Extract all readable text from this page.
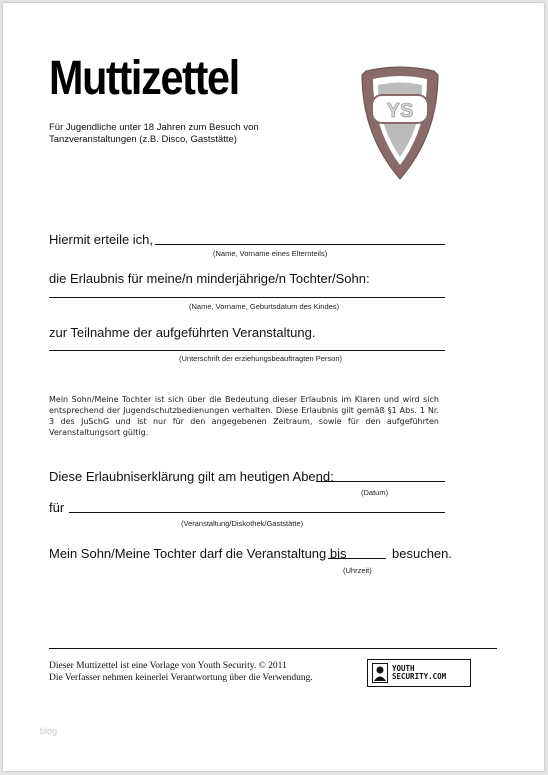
Muttizettel
Für Jugendliche unter 18 Jahren zum Besuch von Tanzveranstaltungen (z.B. Disco, Gaststätte)
YS
Hiermit erteile ich,
(Name, Vorname eines Elternteils)
die Erlaubnis für meine/n minderjährige/n Tochter/Sohn:
(Name, Vorname, Geburtsdatum des Kindes)
zur Teilnahme der aufgeführten Veranstaltung.
(Unterschrift der erziehungsbeauftragten Person)
Mein Sohn/Meine Tochter ist sich über die Bedeutung dieser Erlaubnis im Klaren und wird sich entsprechend der Jugendschutzbedienungen verhalten. Diese Erlaubnis gilt gemäß §1 Abs. 1 Nr. 3 des JuSchG und ist nur für den angegebenen Zeitraum, sowie für den aufgeführten Veranstaltungsort gültig.
Diese Erlaubniserklärung gilt am heutigen Abend:
(Datum)
für
(Veranstaltung/Diskothek/Gaststätte)
Mein Sohn/Meine Tochter darf die Veranstaltung bis	besuchen.
(Uhrzeit)
Dieser Muttizettel ist eine Vorlage von Youth Security. © 2011
Die Verfasser nehmen keinerlei Verantwortung über die Verwendung.
YOUTH
SECURITY.COM
blog
